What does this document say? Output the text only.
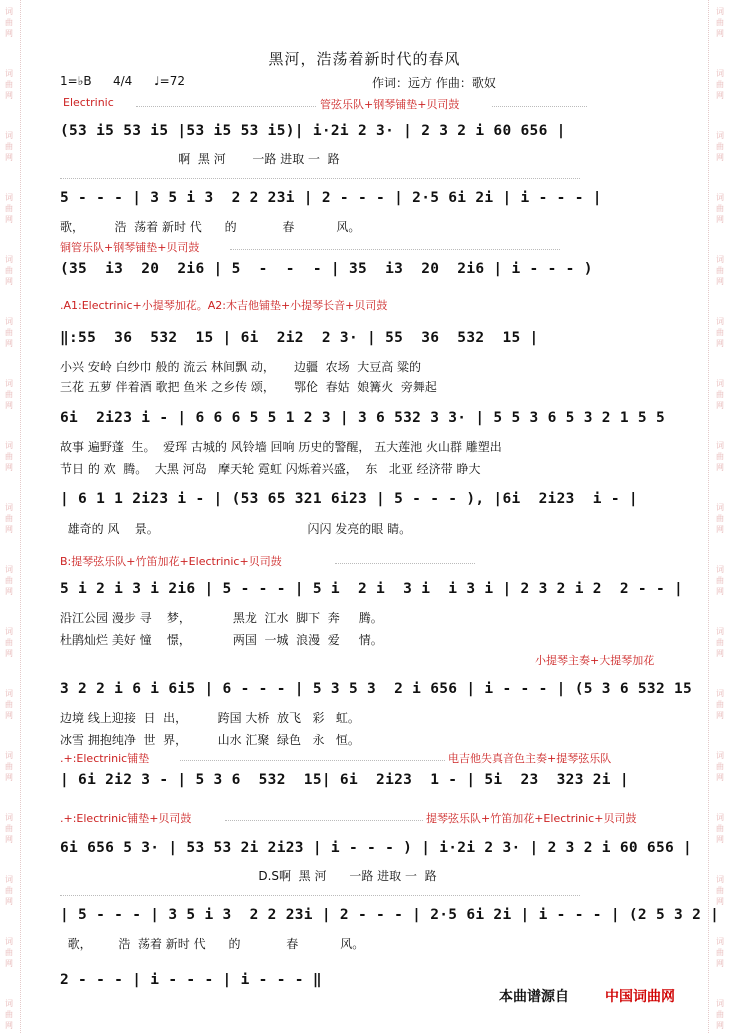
词
曲
网
词
曲
网
词
曲
网
词
曲
网
词
曲
网
词
曲
网
词
曲
网
词
曲
网
词
曲
网
词
曲
网
词
曲
网
词
曲
网
词
曲
网
词
曲
网
词
曲
网
词
曲
网
词
曲
网
词
曲
网
词
曲
网
词
曲
网
词
曲
网
词
曲
网
词
曲
网
词
曲
网
词
曲
网
词
曲
网
词
曲
网
词
曲
网
词
曲
网
词
曲
网
词
曲
网
词
曲
网
词
曲
网
词
曲
网
黑河，浩荡着新时代的春风
1=♭B 4/4 ♩=72	作词：远方 作曲：歌奴
Electrinic	管弦乐队+钢琴铺垫+贝司鼓
(53 i5 53 i5 |53 i5 53 i5)| i·2i 2 3· | 2 3 2 i 60 656 |
啊  黑 河       一路 进取 一  路
5 - - - | 3 5 i 3  2 2 23i | 2 - - - | 2·5 6i 2i | i - - - |
歌，        浩  荡着 新时 代      的            春           风。
铜管乐队+钢琴铺垫+贝司鼓
(35  i3  20  2i6 | 5  -  -  - | 35  i3  20  2i6 | i - - - )
.A1:Electrinic+小提琴加花。A2:木吉他铺垫+小提琴长音+贝司鼓
‖:55  36  532  15 | 6i  2i2  2 3· | 55  36  532  15 |
小兴 安岭 白纱巾 般的 流云 林间飘 动，     边疆  农场  大豆高 粱的
三花 五萝 伴着酒 歌把 鱼米 之乡传 颂，     鄂伦  春姑  娘篝火  旁舞起
6i  2i23 i - | 6 6 6 5 5 1 2 3 | 3 6 532 3 3· | 5 5 3 6 5 3 2 1 5 5
故事 遍野蓬  生。  爱珲 古城的 风铃墙 回响 历史的警醒， 五大莲池 火山群 雕塑出
节日 的 欢  腾。  大黑 河岛   摩天轮 霓虹 闪烁着兴盛，  东   北亚 经济带 睁大
| 6 1 1 2i23 i - | (53 65 321 6i23 | 5 - - - ), |6i  2i23  i - |
雄奇的 风    景。                                       闪闪 发亮的眼 睛。
B:提琴弦乐队+竹笛加花+Electrinic+贝司鼓
5 i 2 i 3 i 2i6 | 5 - - - | 5 i  2 i  3 i  i 3 i | 2 3 2 i 2  2 - - |
沿江公园 漫步 寻    梦，           黑龙  江水  脚下  奔     腾。
杜鹃灿烂 美好 憧    憬，           两国  一城  浪漫  爱     情。
小提琴主奏+大提琴加花
3 2 2 i 6 i 6i5 | 6 - - - | 5 3 5 3  2 i 656 | i - - - | (5 3 6 532 15
边境 线上迎接  日  出，        跨国 大桥  放飞   彩   虹。
冰雪 拥抱纯净  世  界，        山水 汇聚  绿色   永   恒。
.+:Electrinic铺垫	电吉他失真音色主奏+提琴弦乐队
| 6i 2i2 3 - | 5 3 6  532  15| 6i  2i23  1 - | 5i  23  323 2i |
.+:Electrinic铺垫+贝司鼓	提琴弦乐队+竹笛加花+Electrinic+贝司鼓
6i 656 5 3· | 53 53 2i 2i23 | i - - - ) | i·2i 2 3· | 2 3 2 i 60 656 |
D.S啊  黑 河      一路 进取 一  路
| 5 - - - | 3 5 i 3  2 2 23i | 2 - - - | 2·5 6i 2i | i - - - | (2 5 3 2 |
歌，       浩  荡着 新时 代      的            春           风。
2 - - - | i - - - | i - - - ‖
本曲谱源自	中国词曲网
